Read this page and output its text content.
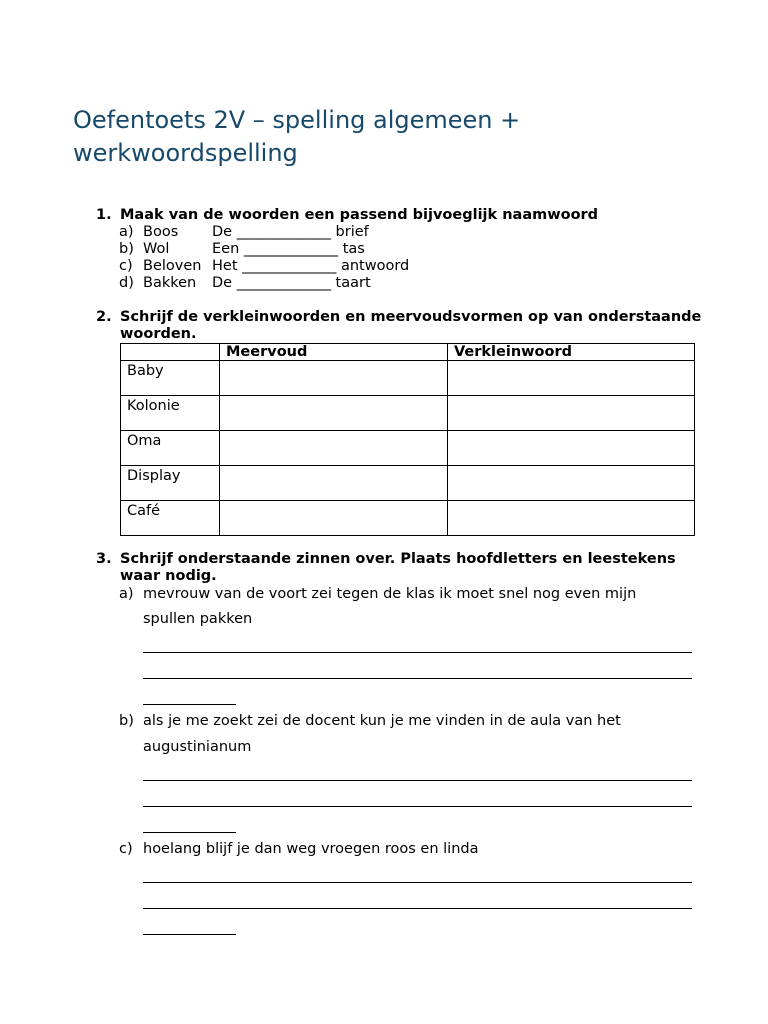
Oefentoets 2V – spelling algemeen + werkwoordspelling
1. Maak van de woorden een passend bijvoeglijk naamwoord
a) Boos De _____________ brief
b) Wol	Een _____________ tas
c) Beloven Het _____________ antwoord
d) Bakken De _____________ taart
2. Schrijf de verkleinwoorden en meervoudsvormen op van onderstaande woorden.
	Meervoud	Verkleinwoord
Baby		
Kolonie		
Oma		
Display		
Café		
3. Schrijf onderstaande zinnen over. Plaats hoofdletters en leestekens waar nodig.
a) mevrouw van de voort zei tegen de klas ik moet snel nog even mijn
spullen pakken
b) als je me zoekt zei de docent kun je me vinden in de aula van het
augustinianum
c) hoelang blijf je dan weg vroegen roos en linda
